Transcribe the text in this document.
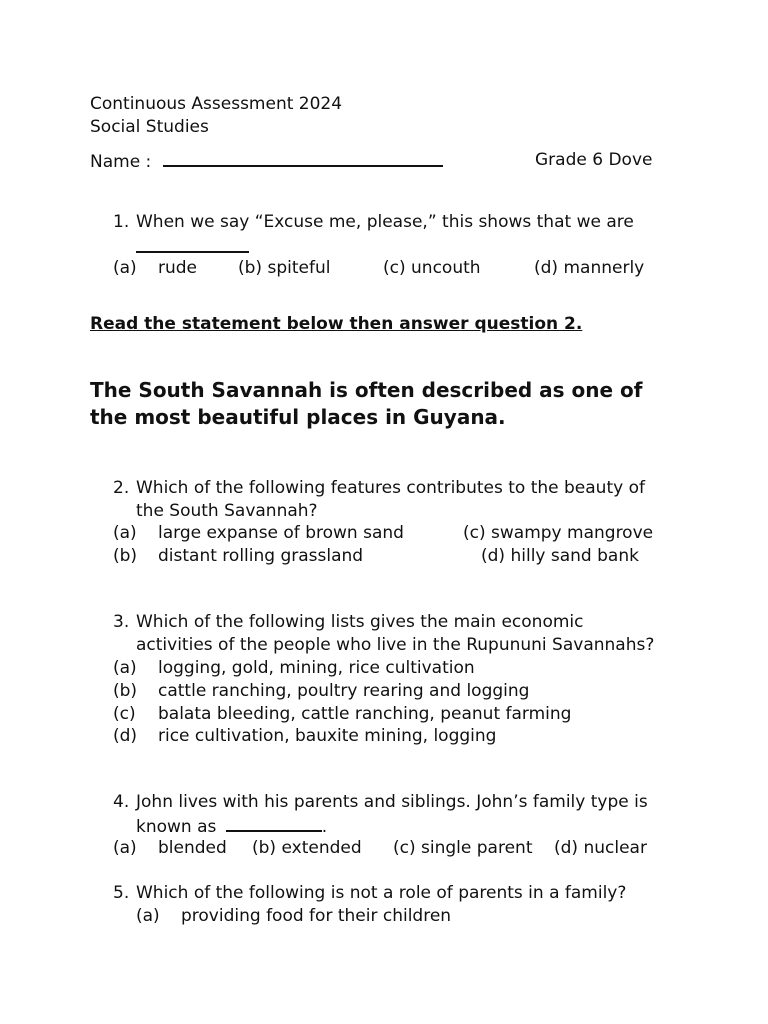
Continuous Assessment 2024
Social Studies
Name :	Grade 6 Dove
1. When we say “Excuse me, please,” this shows that we are
(a) rude (b) spiteful	(c) uncouth	(d) mannerly
Read the statement below then answer question 2.
The South Savannah is often described as one of
the most beautiful places in Guyana.
2. Which of the following features contributes to the beauty of
the South Savannah?
(a) large expanse of brown sand
(b) distant rolling grassland
(c) swampy mangrove
(d) hilly sand bank
3. Which of the following lists gives the main economic
activities of the people who live in the Rupununi Savannahs?
(a) logging, gold, mining, rice cultivation
(b) cattle ranching, poultry rearing and logging
(c) balata bleeding, cattle ranching, peanut farming
(d) rice cultivation, bauxite mining, logging
4. John lives with his parents and siblings. John’s family type is
known as	.
(a) blended (b) extended (c) single parent (d) nuclear
5. Which of the following is not a role of parents in a family?
(a) providing food for their children
